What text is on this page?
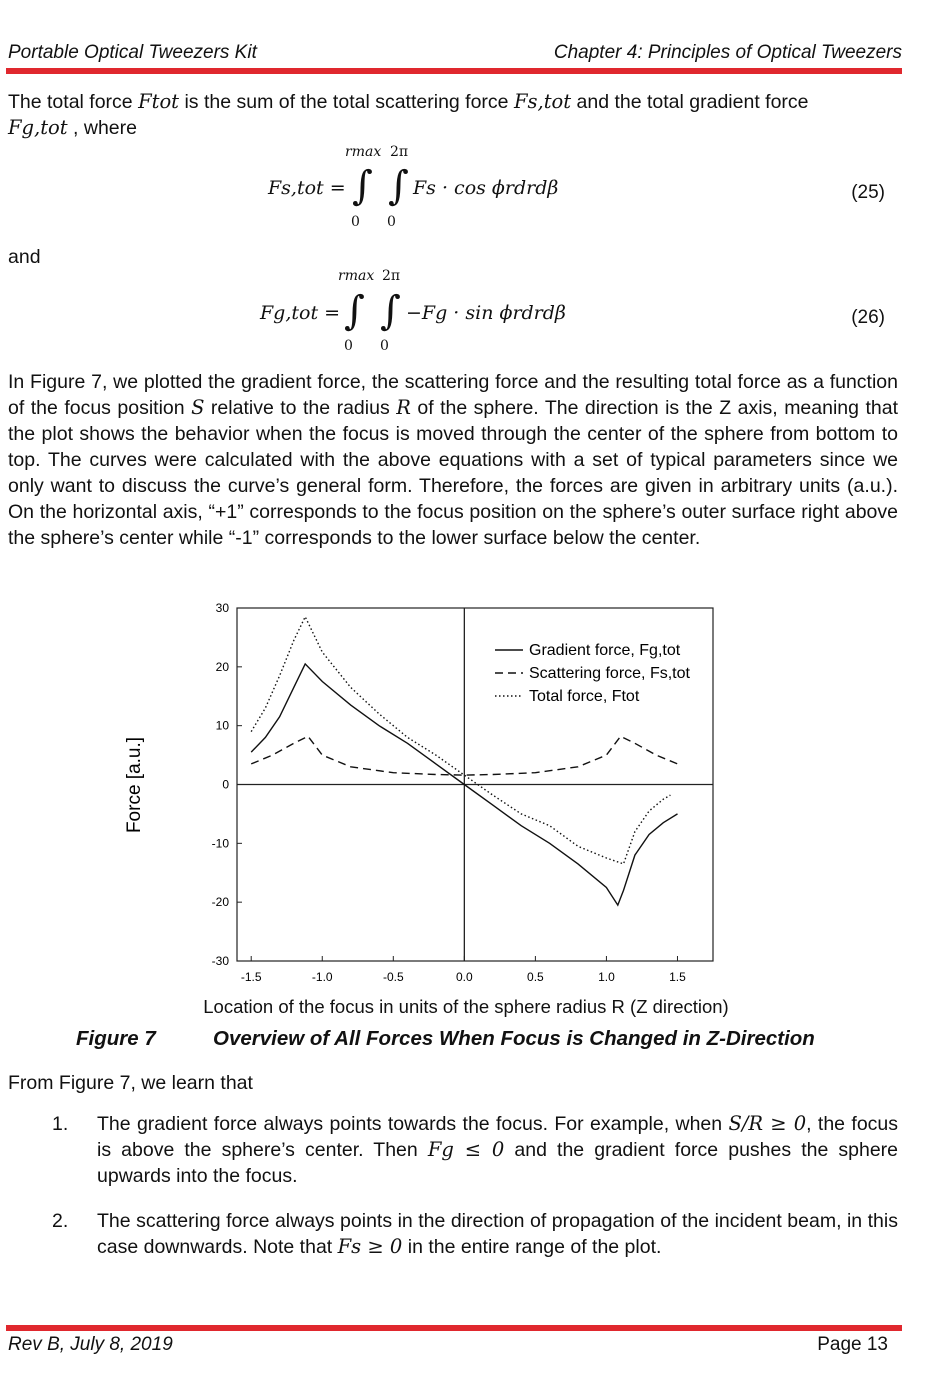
Portable Optical Tweezers Kit	Chapter 4: Principles of Optical Tweezers
The total force Ftot is the sum of the total scattering force Fs,tot and the total gradient force
Fg,tot , where
Fs,tot =
rmax 2π
∫ ∫
0 0
Fs · cos ϕrdrdβ	(25)
and
Fg,tot =
rmax 2π
∫ ∫
0 0
−Fg · sin ϕrdrdβ	(26)
In Figure 7, we plotted the gradient force, the scattering force and the resulting total force as a function of the focus position S relative to the radius R of the sphere. The direction is the Z axis, meaning that the plot shows the behavior when the focus is moved through the center of the sphere from bottom to top. The curves were calculated with the above equations with a set of typical parameters since we only want to discuss the curve’s general form. Therefore, the forces are given in arbitrary units (a.u.). On the horizontal axis, “+1” corresponds to the focus position on the sphere’s outer surface right above the sphere’s center while “-1” corresponds to the lower surface below the center.
-1.5	-1.0	-0.5	0.0	0.5	1.0	1.5
30
20
10
0
-10
-20
-30
Gradient force, Fg,tot
Scattering force, Fs,tot
Total force, Ftot
Force [a.u.]
Location of the focus in units of the sphere radius R (Z direction)
Figure 7	Overview of All Forces When Focus is Changed in Z-Direction
From Figure 7, we learn that
1. The gradient force always points towards the focus. For example, when S/R ≥ 0, the focus is above the sphere’s center. Then Fg ≤ 0 and the gradient force pushes the sphere upwards into the focus.
2. The scattering force always points in the direction of propagation of the incident beam, in this case downwards. Note that Fs ≥ 0 in the entire range of the plot.
Rev B, July 8, 2019	Page 13
